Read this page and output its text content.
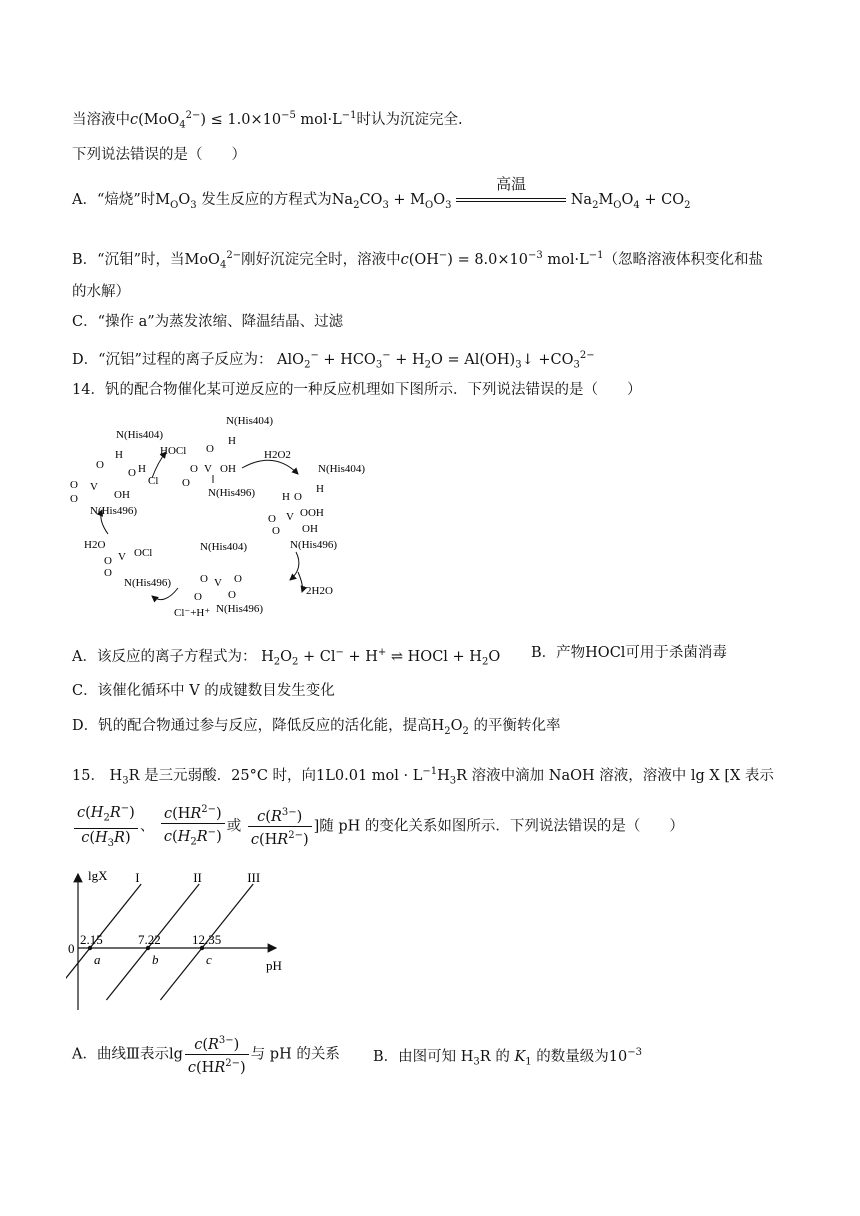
当溶液中$c(MoO_4^{2-}) \le 1.0\times 10^{-5}$ $mol\cdot L^{-1}$时认为沉淀完全.
下列说法错误的是（　　）
A．“焙烧”时$M_OO_3$ 发生反应的方程式为$Na_2CO_3 + M_OO_3$
高温
$Na_2M_OO_4 + CO_2$
B．“沉钼”时，当MoO$_4^{2-}$刚好沉淀完全时，溶液中$c(OH^-) = 8.0\times 10^{-3}$ $mol\cdot L^{-1}$（忽略溶液体积变化和盐
的水解）
C．“操作 a”为蒸发浓缩、降温结晶、过滤
D．“沉铝”过程的离子反应为： $AlO_2^- + HCO_3^- + H_2O$ = $Al(OH)_3↓ +CO_3^{2-}$
14．钒的配合物催化某可逆反应的一种反应机理如下图所示．下列说法错误的是（　　）
N(His404)
H
O
O V OH
O
N(His496)
N(His404)
H
O
O H
Cl
O V
OH
O
N(His496)
HOCl	H2O2
N(His404)
H
H O
O V OOH
O OH
N(His496)
2H2O
O V O
O O
N(His496)
N(His404)
H2O
V OCl
O
O
N(His496)
Cl⁻+H⁺
A．该反应的离子方程式为： $H_2O_2 + Cl^- + H^+$ ⇌ HOCl + $H_2O$ B．产物HOCl可用于杀菌消毒
C．该催化循环中 V 的成键数目发生变化
D．钒的配合物通过参与反应，降低反应的活化能，提高$H_2O_2$ 的平衡转化率
15． $H_3R$ 是三元弱酸．25°C 时，向1L0.01 mol · $L^{-1}H_3R$ 溶液中滴加 NaOH 溶液，溶液中 lg X [X 表示
$\frac{c(H_2R^-)}{c(H_3R)}$ 、 $\frac{c(HR^{2-})}{c(H_2R^-)}$ 或 $\frac{c(R^{3-})}{c(HR^{2-})}$ ]随 pH 的变化关系如图所示．下列说法错误的是（　　）
lgX
pH
0
I
2.15
a
II
7.22
b
III
12.35
c
A．曲线Ⅲ表示$\lg \frac{c(R^{3-})}{c(HR^{2-})}$ 与 pH 的关系 B．由图可知 $H_3R$ 的 $K_1$ 的数量级为$10^{-3}$
